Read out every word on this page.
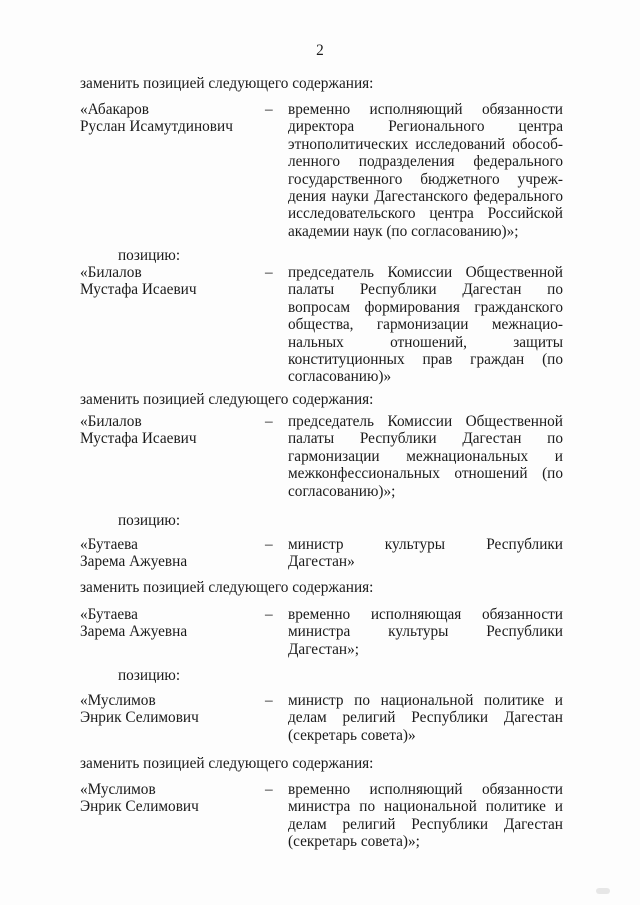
2
заменить позицией следующего содержания:
«Абакаров
Руслан Исамутдинович
– временно исполняющий обязанности
директора Регионального центра
этнополитических исследований обособ-
ленного подразделения федерального
государственного бюджетного учреж-
дения науки Дагестанского федерального
исследовательского центра Российской
академии наук (по согласованию)»;
позицию:
«Билалов
Мустафа Исаевич
– председатель Комиссии Общественной
палаты Республики Дагестан по
вопросам формирования гражданского
общества, гармонизации межнацио-
нальных отношений, защиты
конституционных прав граждан (по
согласованию)»
заменить позицией следующего содержания:
«Билалов
Мустафа Исаевич
– председатель Комиссии Общественной
палаты Республики Дагестан по
гармонизации межнациональных и
межконфессиональных отношений (по
согласованию)»;
позицию:
«Бутаева
Зарема Ажуевна
– министр культуры Республики
Дагестан»
заменить позицией следующего содержания:
«Бутаева
Зарема Ажуевна
– временно исполняющая обязанности
министра культуры Республики
Дагестан»;
позицию:
«Муслимов
Энрик Селимович
– министр по национальной политике и
делам религий Республики Дагестан
(секретарь совета)»
заменить позицией следующего содержания:
«Муслимов
Энрик Селимович
– временно исполняющий обязанности
министра по национальной политике и
делам религий Республики Дагестан
(секретарь совета)»;
